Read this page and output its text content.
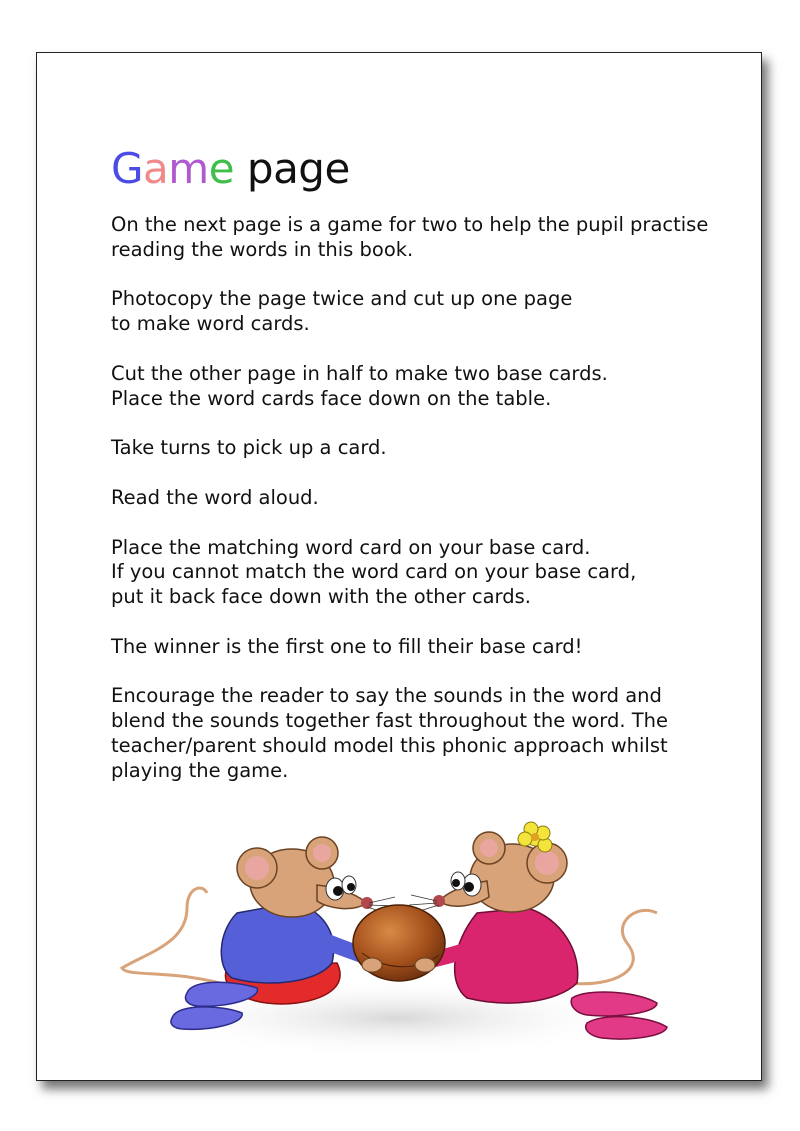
Game page

On the next page is a game for two to help the pupil practise
reading the words in this book.

Photocopy the page twice and cut up one page
to make word cards.

Cut the other page in half to make two base cards.
Place the word cards face down on the table.

Take turns to pick up a card.

Read the word aloud.

Place the matching word card on your base card.
If you cannot match the word card on your base card,
put it back face down with the other cards.

The winner is the first one to fill their base card!

Encourage the reader to say the sounds in the word and
blend the sounds together fast throughout the word. The
teacher/parent should model this phonic approach whilst
playing the game.
